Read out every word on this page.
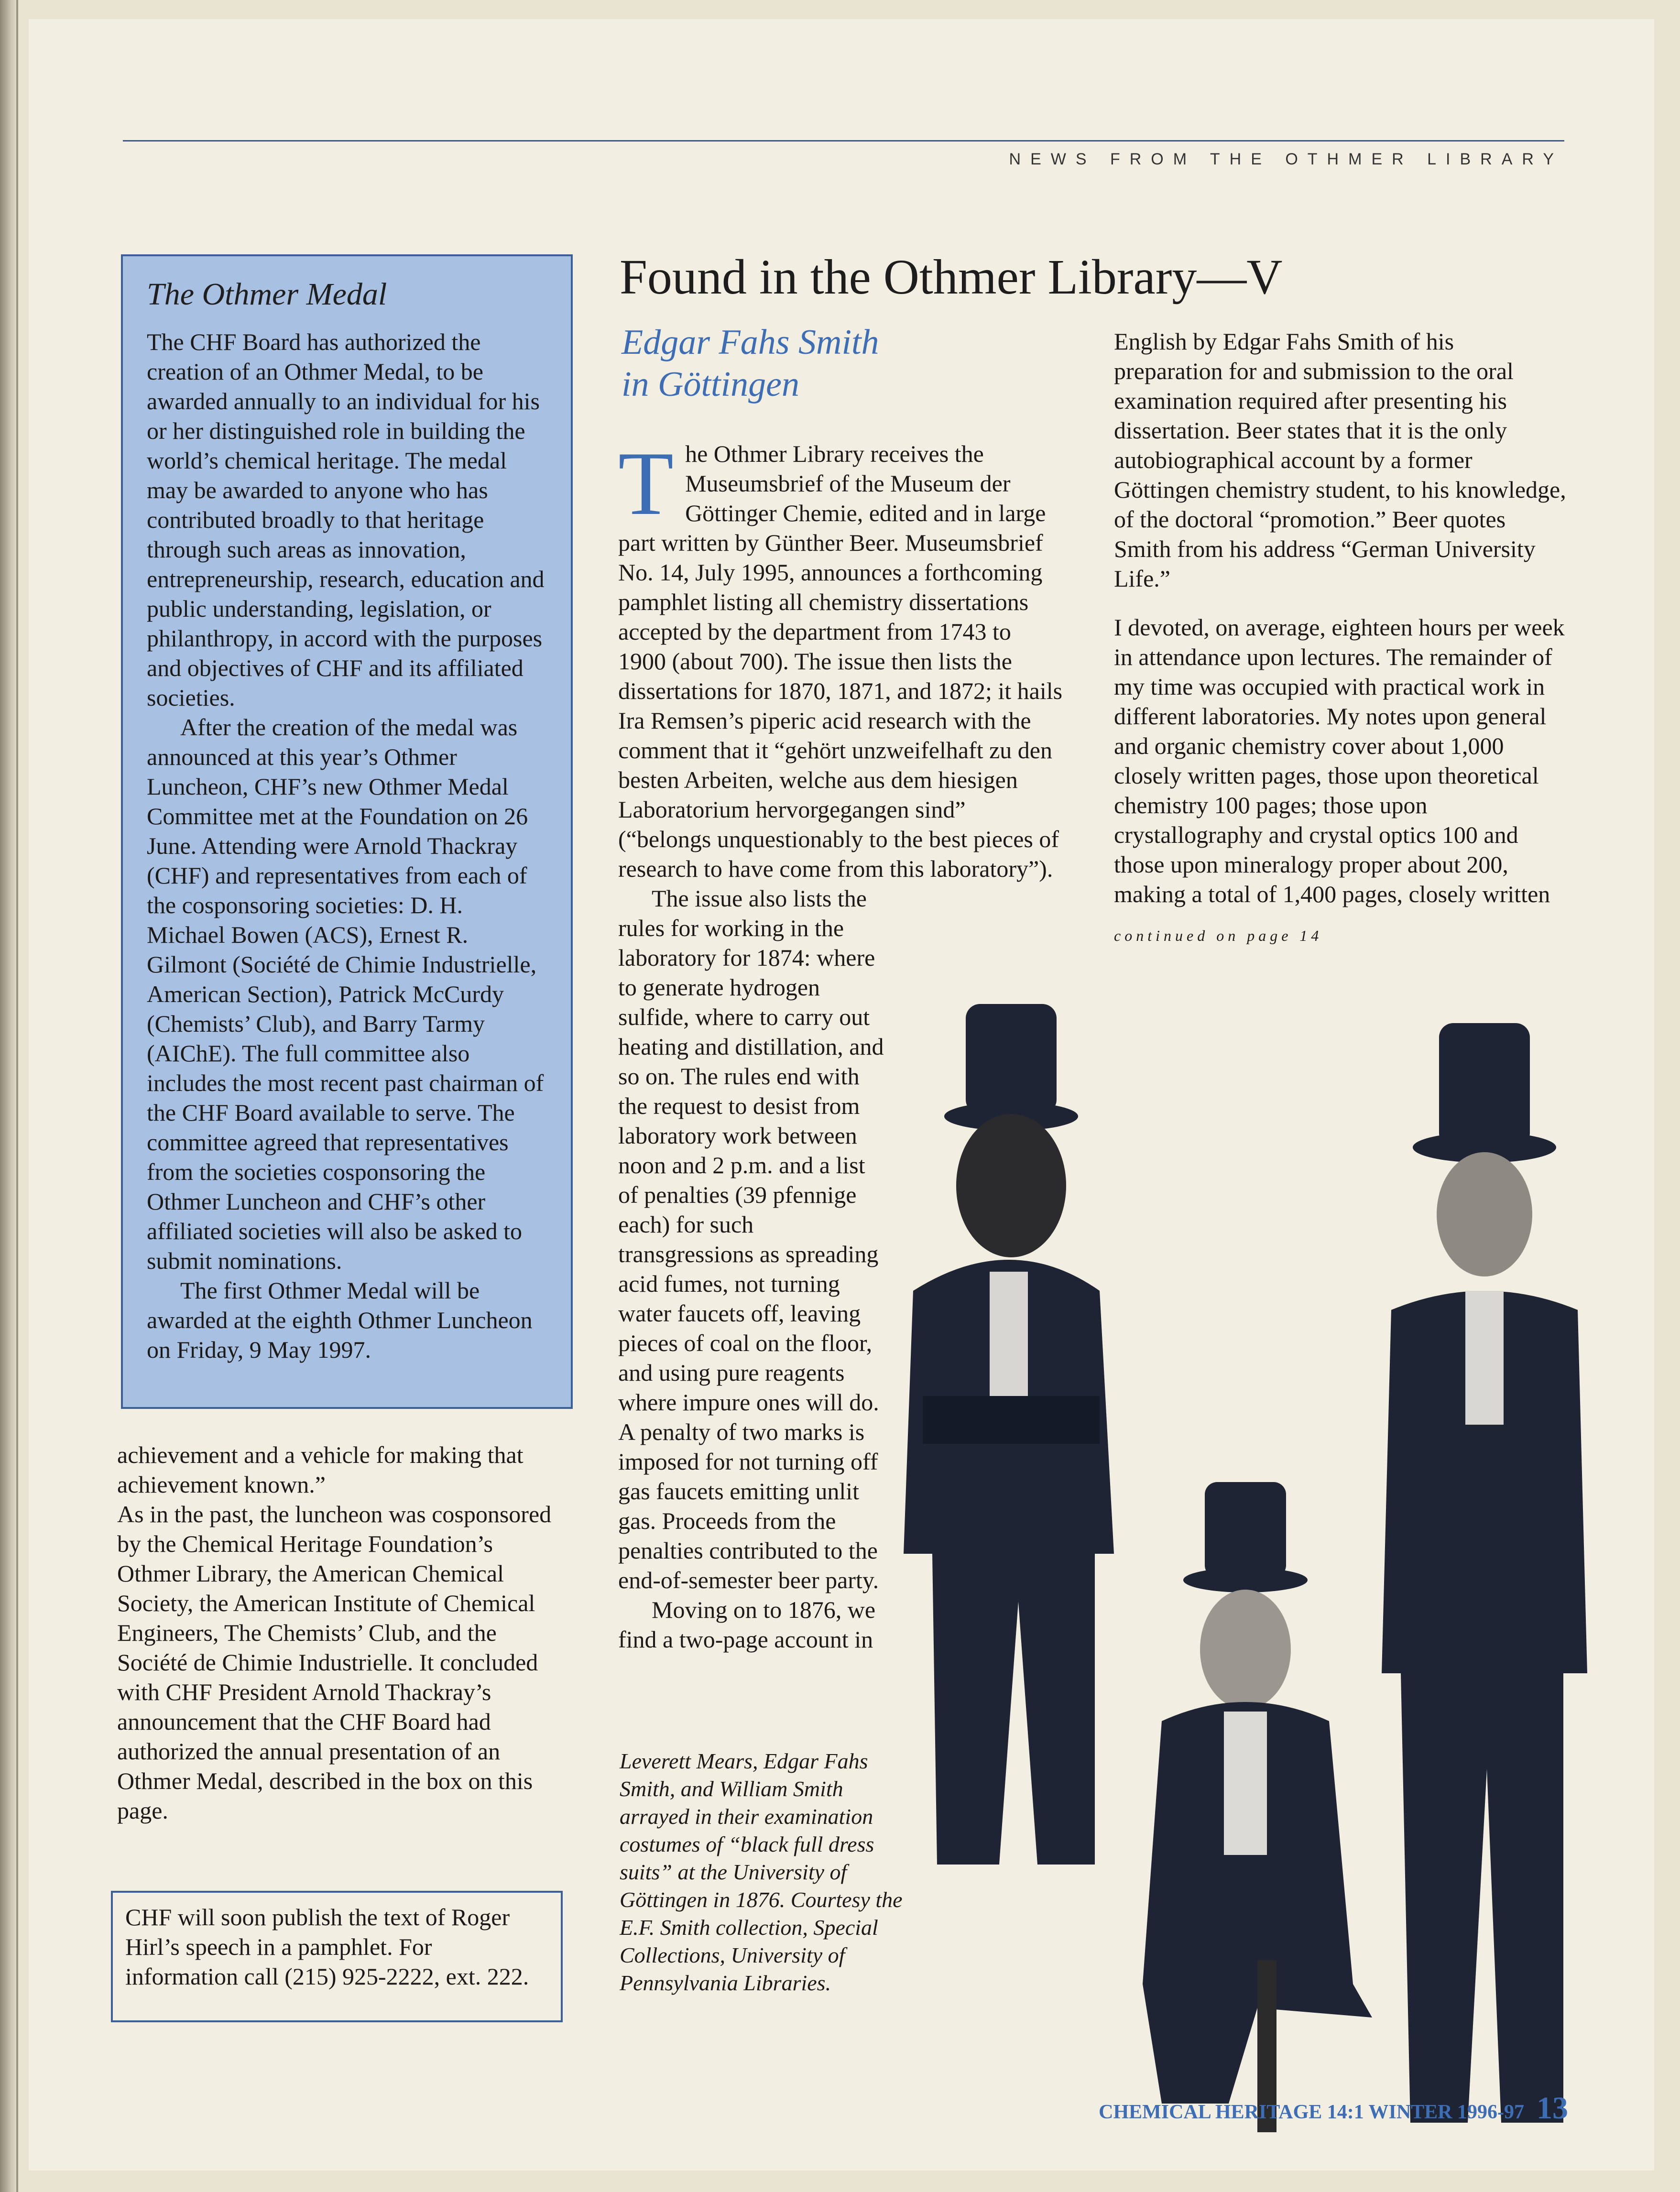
NEWS FROM THE OTHMER LIBRARY
The Othmer Medal

The CHF Board has authorized the creation of an Othmer Medal, to be awarded annually to an individual for his or her distinguished role in building the world’s chemical heritage. The medal may be awarded to anyone who has contributed broadly to that heritage through such areas as innovation, entrepreneurship, research, education and public understanding, legislation, or philanthropy, in accord with the purposes and objectives of CHF and its affiliated societies.

After the creation of the medal was announced at this year’s Othmer Luncheon, CHF’s new Othmer Medal Committee met at the Foundation on 26 June. Attending were Arnold Thackray (CHF) and representatives from each of the cosponsoring societies: D. H. Michael Bowen (ACS), Ernest R. Gilmont (Société de Chimie Industrielle, American Section), Patrick McCurdy (Chemists’ Club), and Barry Tarmy (AIChE). The full committee also includes the most recent past chairman of the CHF Board available to serve. The committee agreed that representatives from the societies cosponsoring the Othmer Luncheon and CHF’s other affiliated societies will also be asked to submit nominations.

The first Othmer Medal will be awarded at the eighth Othmer Luncheon on Friday, 9 May 1997.

achievement and a vehicle for making that achievement known.”

As in the past, the luncheon was cosponsored by the Chemical Heritage Foundation’s Othmer Library, the American Chemical Society, the American Institute of Chemical Engineers, The Chemists’ Club, and the Société de Chimie Industrielle. It concluded with CHF President Arnold Thackray’s announcement that the CHF Board had authorized the annual presentation of an Othmer Medal, described in the box on this page.

CHF will soon publish the text of Roger Hirl’s speech in a pamphlet. For information call (215) 925-2222, ext. 222.

Found in the Othmer Library—V
Edgar Fahs Smith
in Göttingen

The Othmer Library receives the Museumsbrief of the Museum der Göttinger Chemie, edited and in large part written by Günther Beer. Museumsbrief No. 14, July 1995, announces a forthcoming pamphlet listing all chemistry dissertations accepted by the department from 1743 to 1900 (about 700). The issue then lists the dissertations for 1870, 1871, and 1872; it hails Ira Remsen’s piperic acid research with the comment that it “gehört unzweifelhaft zu den besten Arbeiten, welche aus dem hiesigen Laboratorium hervorgegangen sind” (“belongs unquestionably to the best pieces of research to have come from this laboratory”).

The issue also lists the rules for working in the laboratory for 1874: where to generate hydrogen sulfide, where to carry out heating and distillation, and so on. The rules end with the request to desist from laboratory work between noon and 2 p.m. and a list of penalties (39 pfennige each) for such transgressions as spreading acid fumes, not turning water faucets off, leaving pieces of coal on the floor, and using pure reagents where impure ones will do. A penalty of two marks is imposed for not turning off gas faucets emitting unlit gas. Proceeds from the penalties contributed to the end-of-semester beer party.

Moving on to 1876, we find a two-page account in

English by Edgar Fahs Smith of his preparation for and submission to the oral examination required after presenting his dissertation. Beer states that it is the only autobiographical account by a former Göttingen chemistry student, to his knowledge, of the doctoral “promotion.” Beer quotes Smith from his address “German University Life.”

I devoted, on average, eighteen hours per week in attendance upon lectures. The remainder of my time was occupied with practical work in different laboratories. My notes upon general and organic chemistry cover about 1,000 closely written pages, those upon theoretical chemistry 100 pages; those upon crystallography and crystal optics 100 and those upon mineralogy proper about 200, making a total of 1,400 pages, closely written

continued on page 14
Leverett Mears, Edgar Fahs Smith, and William Smith arrayed in their examination costumes of “black full dress suits” at the University of Göttingen in 1876. Courtesy the E.F. Smith collection, Special Collections, University of Pennsylvania Libraries.
CHEMICAL HERITAGE 14:1 WINTER 1996-97 13
